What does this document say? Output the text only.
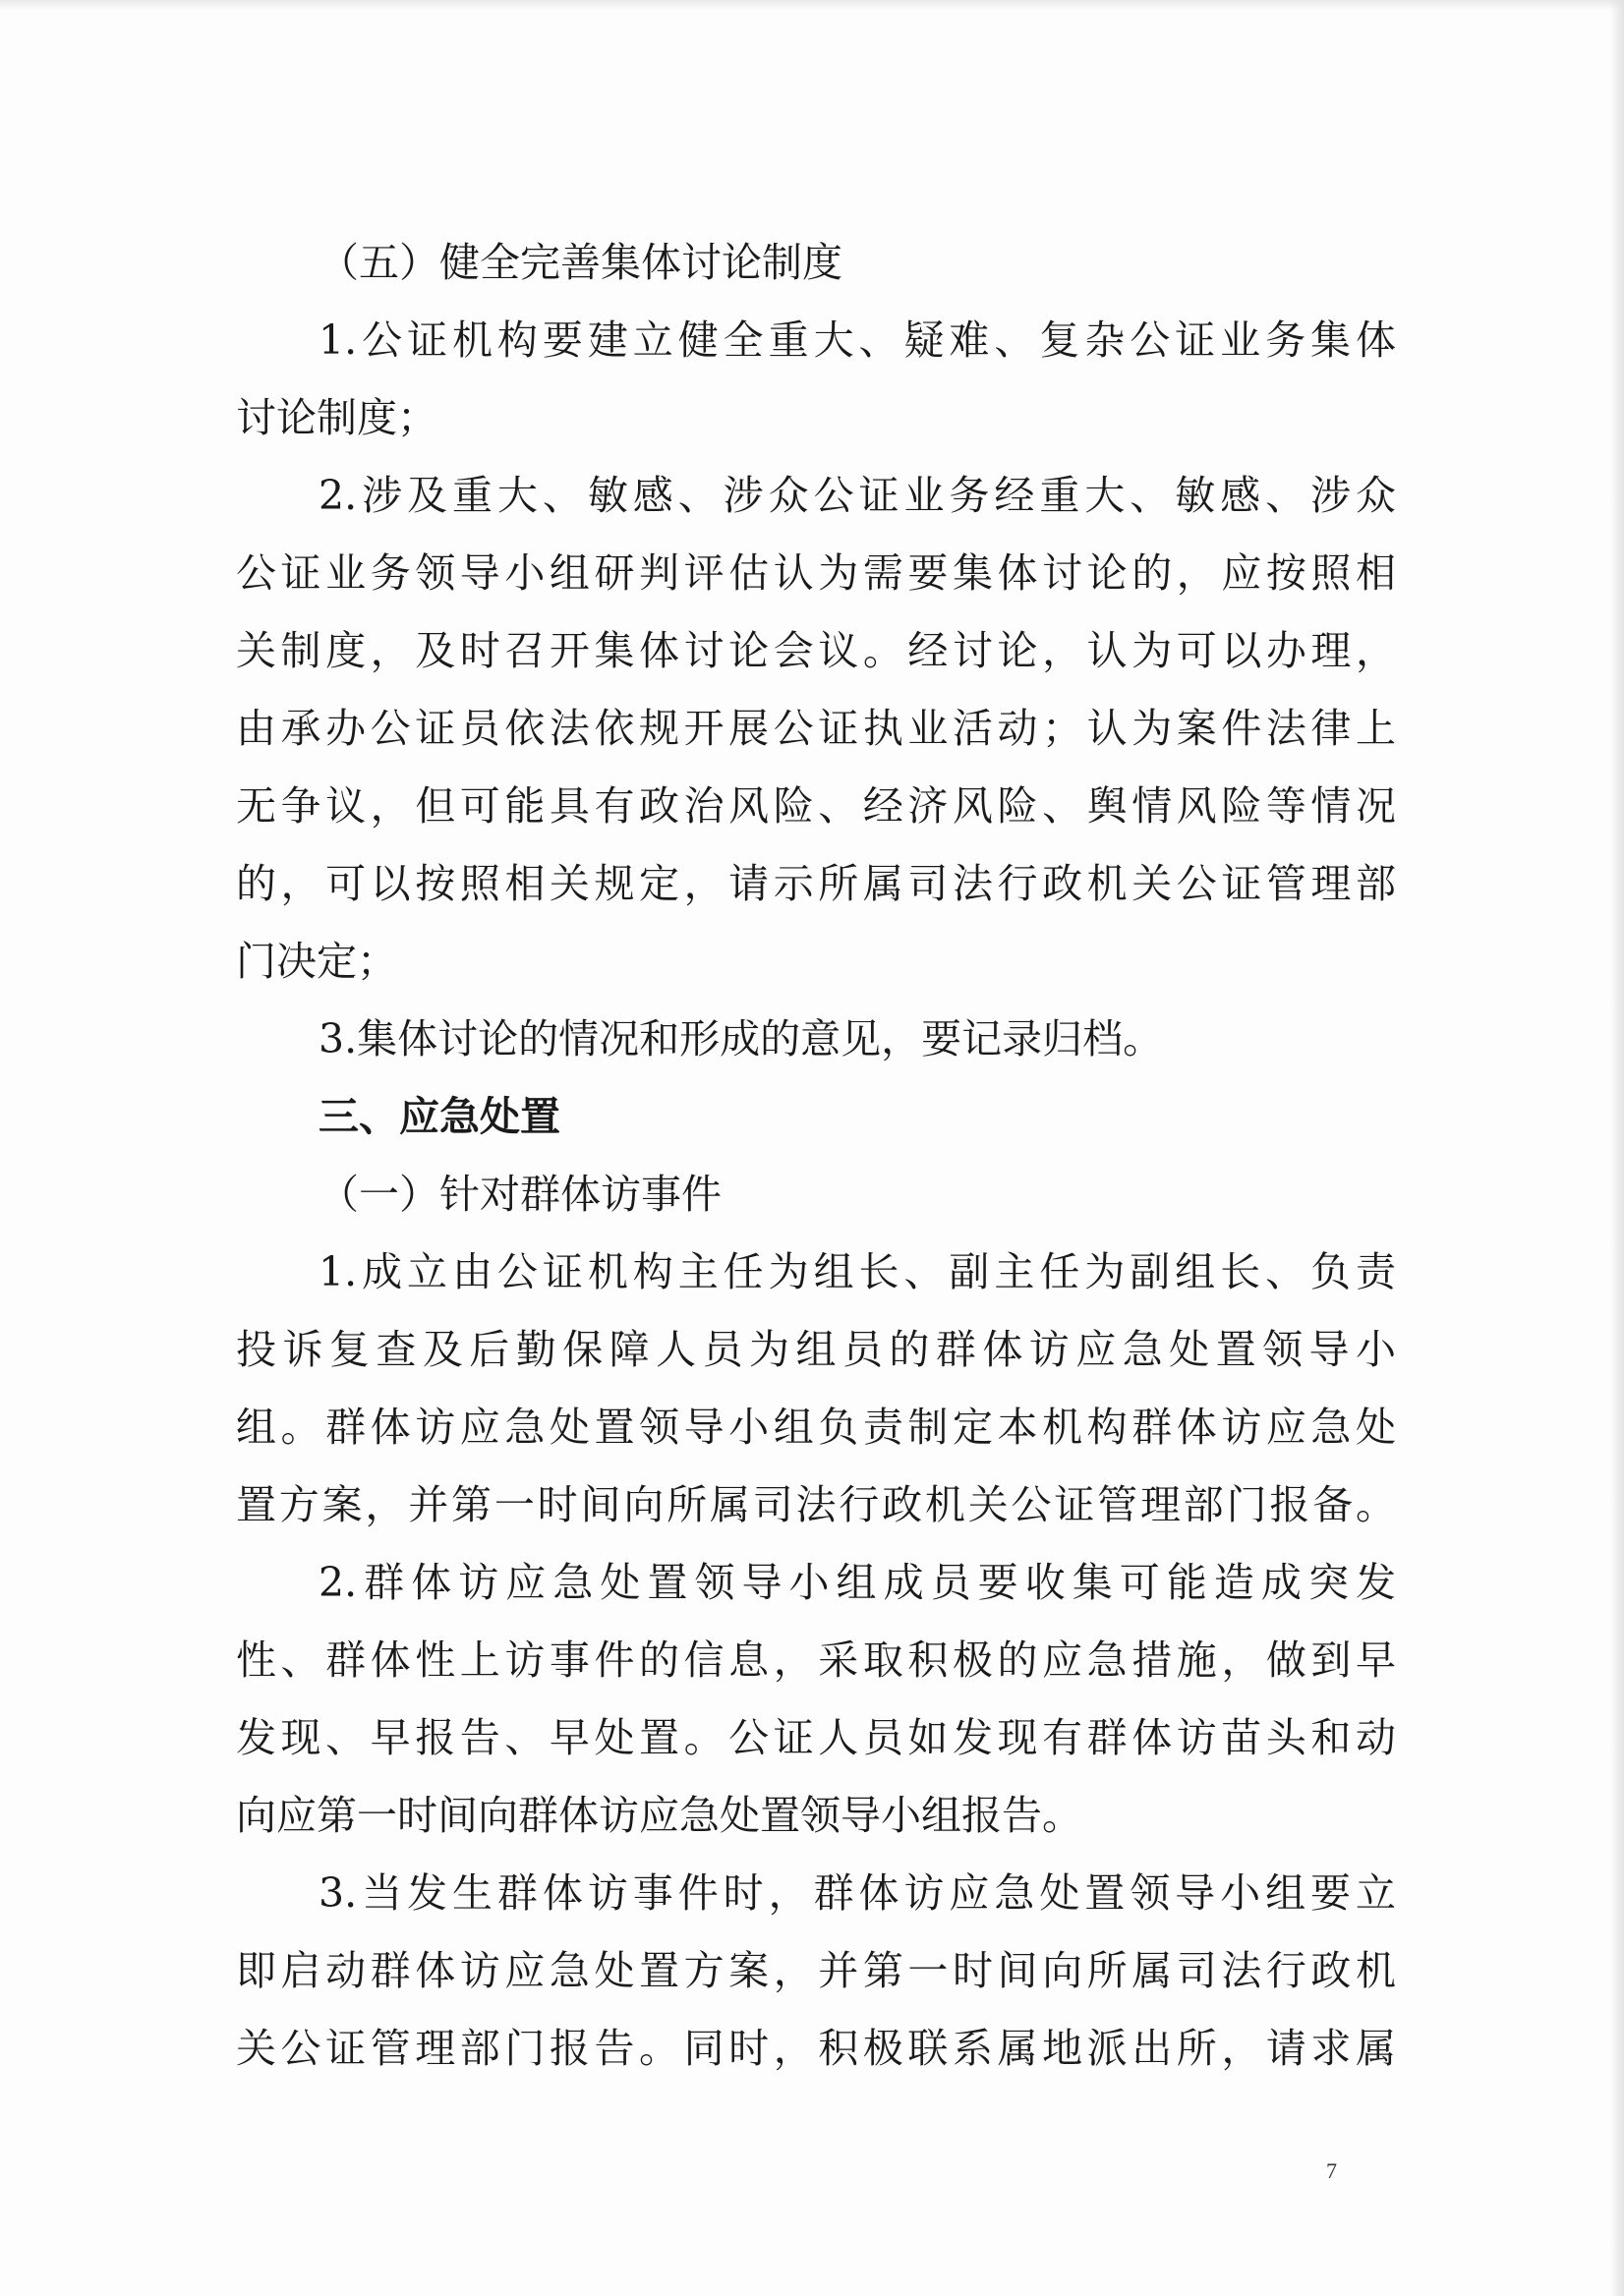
（五）健全完善集体讨论制度
1.公证机构要建立健全重大、疑难、复杂公证业务集体
讨论制度；
2.涉及重大、敏感、涉众公证业务经重大、敏感、涉众
公证业务领导小组研判评估认为需要集体讨论的，应按照相
关制度，及时召开集体讨论会议。经讨论，认为可以办理，
由承办公证员依法依规开展公证执业活动；认为案件法律上
无争议，但可能具有政治风险、经济风险、舆情风险等情况
的，可以按照相关规定，请示所属司法行政机关公证管理部
门决定；
3.集体讨论的情况和形成的意见，要记录归档。
三、应急处置
（一）针对群体访事件
1.成立由公证机构主任为组长、副主任为副组长、负责
投诉复查及后勤保障人员为组员的群体访应急处置领导小
组。群体访应急处置领导小组负责制定本机构群体访应急处
置方案，并第一时间向所属司法行政机关公证管理部门报备。
2.群体访应急处置领导小组成员要收集可能造成突发
性、群体性上访事件的信息，采取积极的应急措施，做到早
发现、早报告、早处置。公证人员如发现有群体访苗头和动
向应第一时间向群体访应急处置领导小组报告。
3.当发生群体访事件时，群体访应急处置领导小组要立
即启动群体访应急处置方案，并第一时间向所属司法行政机
关公证管理部门报告。同时，积极联系属地派出所，请求属
7
